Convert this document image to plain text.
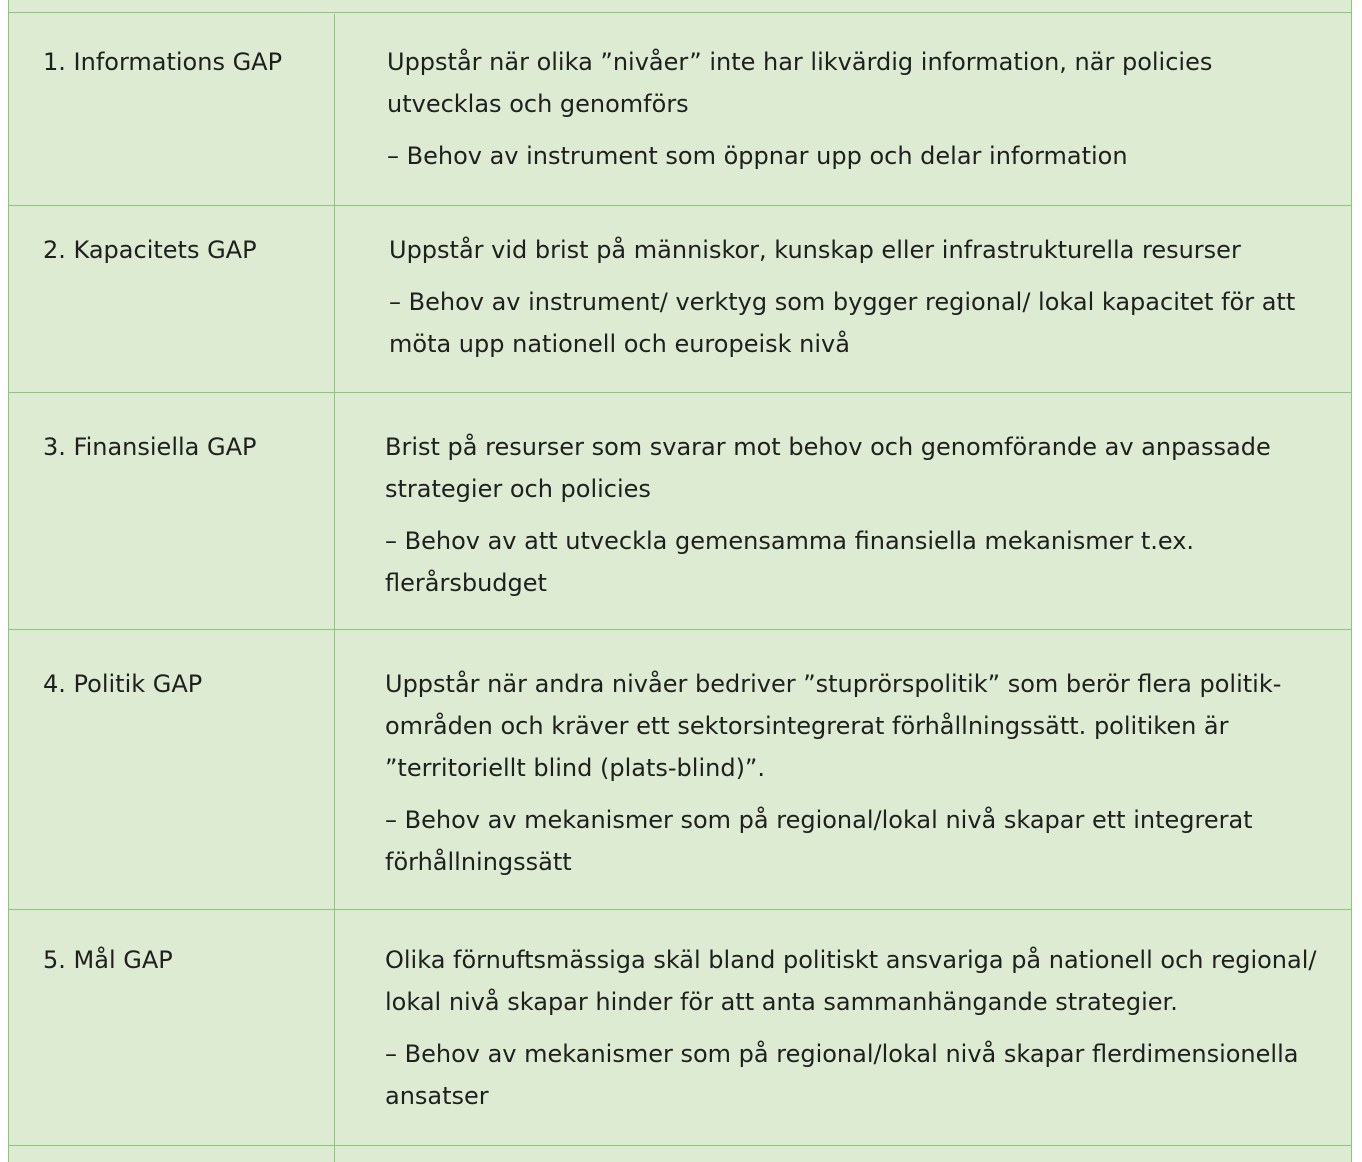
1. Informations GAP	Uppstår när olika ”nivåer” inte har likvärdig information, när policies
utvecklas och genomförs

– Behov av instrument som öppnar upp och delar information

2. Kapacitets GAP	Uppstår vid brist på människor, kunskap eller infrastrukturella resurser

– Behov av instrument/ verktyg som bygger regional/ lokal kapacitet för att
möta upp nationell och europeisk nivå

3. Finansiella GAP	Brist på resurser som svarar mot behov och genomförande av anpassade
strategier och policies

– Behov av att utveckla gemensamma finansiella mekanismer t.ex.
flerårsbudget

4. Politik GAP	Uppstår när andra nivåer bedriver ”stuprörspolitik” som berör flera politik-
områden och kräver ett sektorsintegrerat förhållningssätt. politiken är
”territoriellt blind (plats-blind)”.

– Behov av mekanismer som på regional/lokal nivå skapar ett integrerat
förhållningssätt

5. Mål GAP	Olika förnuftsmässiga skäl bland politiskt ansvariga på nationell och regional/
lokal nivå skapar hinder för att anta sammanhängande strategier.

– Behov av mekanismer som på regional/lokal nivå skapar flerdimensionella
ansatser
